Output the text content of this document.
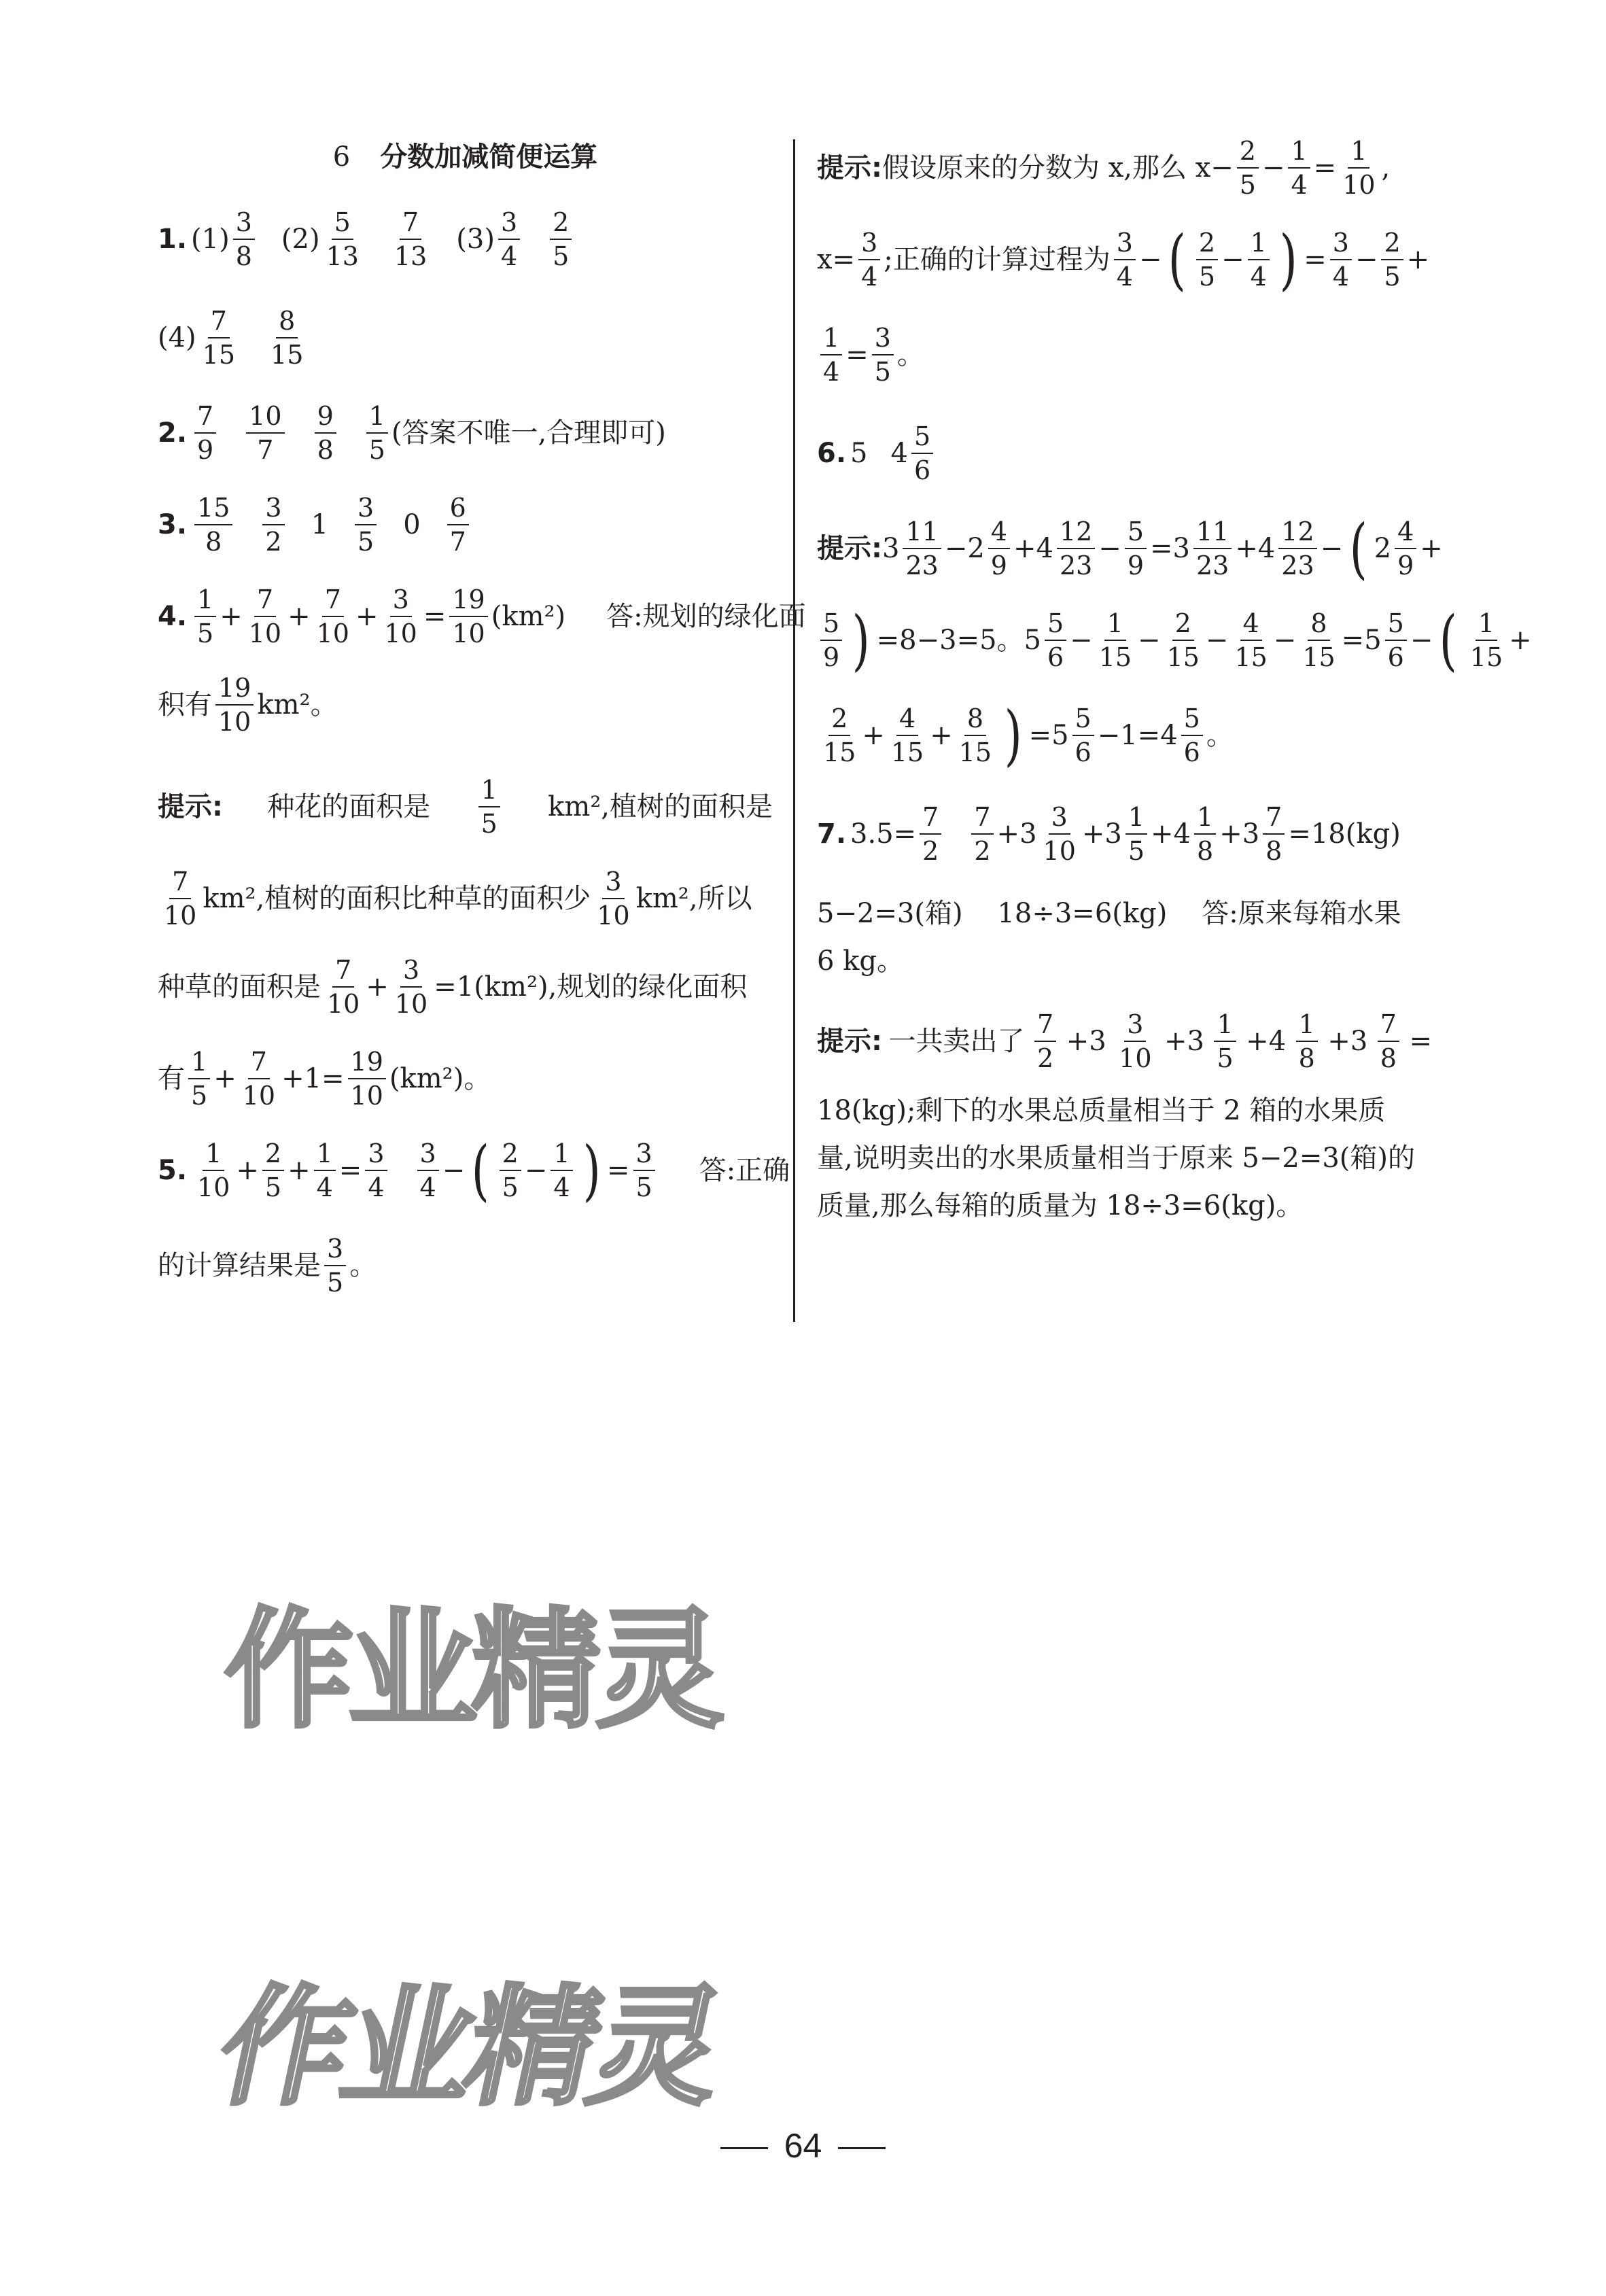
6 分数加减简便运算
1. $(1) \frac{3}{8} (2) \frac{5}{13} \frac{7}{13} (3) \frac{3}{4} \frac{2}{5}$
$(4) \frac{7}{15} \frac{8}{15}$
2. $\frac{7}{9} \frac{10}{7} \frac{9}{8} \frac{1}{5}$ (答案不唯一,合理即可)
3. $\frac{15}{8} \frac{3}{2} 1 \frac{3}{5} 0 \frac{6}{7}$
4. $\frac{1}{5} + \frac{7}{10} + \frac{7}{10} + \frac{3}{10} = \frac{19}{10} (km^2)$ 答:规划的绿化面
积有 $\frac{19}{10} km^2$。
提示: 种花的面积是 $\frac{1}{5} km^2$,植树的面积是
$\frac{7}{10} km^2$,植树的面积比种草的面积少 $\frac{3}{10} km^2$,所以
种草的面积是 $\frac{7}{10} + \frac{3}{10} =1(km^2)$,规划的绿化面积
有 $\frac{1}{5} + \frac{7}{10} +1= \frac{19}{10} (km^2)$。
5. $\frac{1}{10} + \frac{2}{5} + \frac{1}{4} = \frac{3}{4} \frac{3}{4}$ − ( $\frac{2}{5} - \frac{1}{4}$ ) = $\frac{3}{5}$ 答:正确
的计算结果是 $\frac{3}{5}$ 。
提示: 假设原来的分数为 x,那么 $x- \frac{2}{5} - \frac{1}{4} = \frac{1}{10}$ ,
$x= \frac{3}{4}$ ;正确的计算过程为 $\frac{3}{4}$ − ( $\frac{2}{5} - \frac{1}{4}$ ) = $\frac{3}{4} - \frac{2}{5}$ +
$\frac{1}{4} = \frac{3}{5}$ 。
6. 5 $4 \frac{5}{6}$
提示: $3 \frac{11}{23} -2 \frac{4}{9} +4 \frac{12}{23} - \frac{5}{9} =3 \frac{11}{23} +4 \frac{12}{23}$ − ( $2 \frac{4}{9}$ +
$\frac{5}{9}$ ) =8−3=5。$5 \frac{5}{6} - \frac{1}{15} - \frac{2}{15} - \frac{4}{15} - \frac{8}{15} =5 \frac{5}{6}$ − ( $\frac{1}{15}$ +
$\frac{2}{15} + \frac{4}{15} + \frac{8}{15}$ ) $=5 \frac{5}{6} -1=4 \frac{5}{6}$ 。
7. $3.5= \frac{7}{2} \frac{7}{2} +3 \frac{3}{10} +3 \frac{1}{5} +4 \frac{1}{8} +3 \frac{7}{8} =18(kg)$
5−2=3(箱)    18÷3=6(kg)    答:原来每箱水果
6 kg。
提示: 一共卖出了 $\frac{7}{2} +3 \frac{3}{10} +3 \frac{1}{5} +4 \frac{1}{8} +3 \frac{7}{8}$ =
18(kg);剩下的水果总质量相当于 2 箱的水果质
量,说明卖出的水果质量相当于原来 5−2=3(箱)的
质量,那么每箱的质量为 18÷3=6(kg)。
作业精灵
作业精灵
64
